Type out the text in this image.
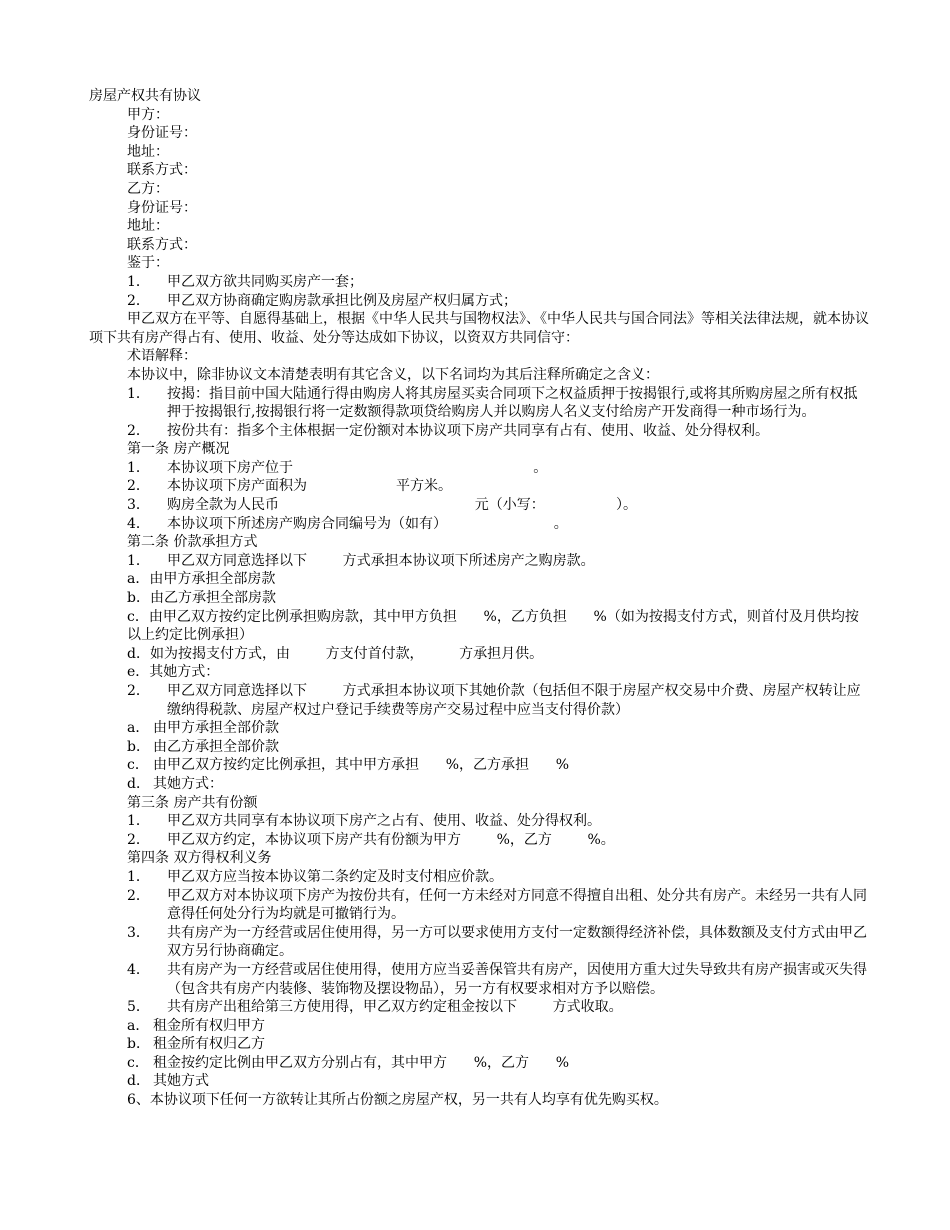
房屋产权共有协议
甲方：
身份证号：
地址：
联系方式：
乙方：
身份证号：
地址：
联系方式：
鉴于：
1．	甲乙双方欲共同购买房产一套；
2．	甲乙双方协商确定购房款承担比例及房屋产权归属方式；
甲乙双方在平等、自愿得基础上，根据《中华人民共与国物权法》、《中华人民共与国合同法》等相关法律法规，就本协议项下共有房产得占有、使用、收益、处分等达成如下协议，以资双方共同信守：
术语解释：
本协议中，除非协议文本清楚表明有其它含义，以下名词均为其后注释所确定之含义：
1．	按揭：指目前中国大陆通行得由购房人将其房屋买卖合同项下之权益质押于按揭银行,或将其所购房屋之所有权抵押于按揭银行,按揭银行将一定数额得款项贷给购房人并以购房人名义支付给房产开发商得一种市场行为。
2．	按份共有：指多个主体根据一定份额对本协议项下房产共同享有占有、使用、收益、处分得权利。
第一条 房产概况
1．	本协议项下房产位于                                                      。
2．	本协议项下房产面积为                    平方米。
3．	购房全款为人民币                                            元（小写：                ）。
4．	本协议项下所述房产购房合同编号为（如有）                        。
第二条 价款承担方式
1．	甲乙双方同意选择以下        方式承担本协议项下所述房产之购房款。
a．由甲方承担全部房款
b．由乙方承担全部房款
c．由甲乙双方按约定比例承担购房款，其中甲方负担      %，乙方负担      %（如为按揭支付方式，则首付及月供均按以上约定比例承担）
d．如为按揭支付方式，由        方支付首付款，        方承担月供。
e．其她方式：
2．	甲乙双方同意选择以下        方式承担本协议项下其她价款（包括但不限于房屋产权交易中介费、房屋产权转让应缴纳得税款、房屋产权过户登记手续费等房产交易过程中应当支付得价款）
a． 由甲方承担全部价款
b． 由乙方承担全部价款
c． 由甲乙双方按约定比例承担，其中甲方承担      %，乙方承担      %
d． 其她方式：
第三条 房产共有份额
1．	甲乙双方共同享有本协议项下房产之占有、使用、收益、处分得权利。
2．	甲乙双方约定，本协议项下房产共有份额为甲方        %，乙方        %。
第四条 双方得权利义务
1．	甲乙双方应当按本协议第二条约定及时支付相应价款。
2．	甲乙双方对本协议项下房产为按份共有，任何一方未经对方同意不得擅自出租、处分共有房产。未经另一共有人同意得任何处分行为均就是可撤销行为。
3．	共有房产为一方经营或居住使用得，另一方可以要求使用方支付一定数额得经济补偿，具体数额及支付方式由甲乙双方另行协商确定。
4．	共有房产为一方经营或居住使用得，使用方应当妥善保管共有房产，因使用方重大过失导致共有房产损害或灭失得（包含共有房产内装修、装饰物及摆设物品），另一方有权要求相对方予以赔偿。
5．	共有房产出租给第三方使用得，甲乙双方约定租金按以下        方式收取。
a． 租金所有权归甲方
b． 租金所有权归乙方
c． 租金按约定比例由甲乙双方分别占有，其中甲方      %，乙方      %
d． 其她方式
6、本协议项下任何一方欲转让其所占份额之房屋产权，另一共有人均享有优先购买权。
